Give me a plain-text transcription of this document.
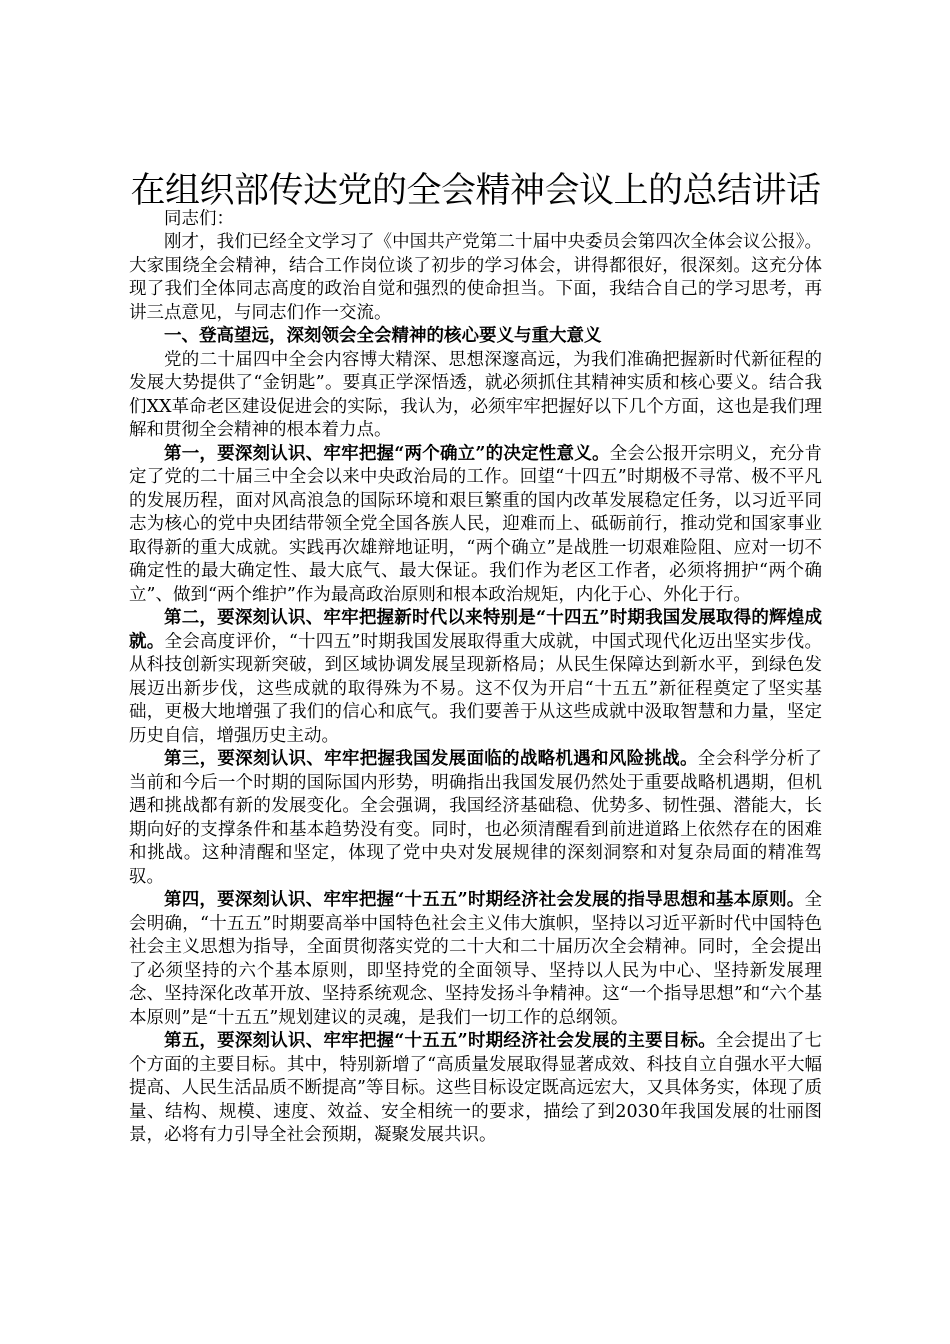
在组织部传达党的全会精神会议上的总结讲话

同志们：

刚才，我们已经全文学习了《中国共产党第二十届中央委员会第四次全体会议公报》。大家围绕全会精神，结合工作岗位谈了初步的学习体会，讲得都很好，很深刻。这充分体现了我们全体同志高度的政治自觉和强烈的使命担当。下面，我结合自己的学习思考，再讲三点意见，与同志们作一交流。

一、登高望远，深刻领会全会精神的核心要义与重大意义

党的二十届四中全会内容博大精深、思想深邃高远，为我们准确把握新时代新征程的发展大势提供了“金钥匙”。要真正学深悟透，就必须抓住其精神实质和核心要义。结合我们XX革命老区建设促进会的实际，我认为，必须牢牢把握好以下几个方面，这也是我们理解和贯彻全会精神的根本着力点。

第一，要深刻认识、牢牢把握“两个确立”的决定性意义。全会公报开宗明义，充分肯定了党的二十届三中全会以来中央政治局的工作。回望“十四五”时期极不寻常、极不平凡的发展历程，面对风高浪急的国际环境和艰巨繁重的国内改革发展稳定任务，以习近平同志为核心的党中央团结带领全党全国各族人民，迎难而上、砥砺前行，推动党和国家事业取得新的重大成就。实践再次雄辩地证明，“两个确立”是战胜一切艰难险阻、应对一切不确定性的最大确定性、最大底气、最大保证。我们作为老区工作者，必须将拥护“两个确立”、做到“两个维护”作为最高政治原则和根本政治规矩，内化于心、外化于行。

第二，要深刻认识、牢牢把握新时代以来特别是“十四五”时期我国发展取得的辉煌成就。全会高度评价，“十四五”时期我国发展取得重大成就，中国式现代化迈出坚实步伐。从科技创新实现新突破，到区域协调发展呈现新格局；从民生保障达到新水平，到绿色发展迈出新步伐，这些成就的取得殊为不易。这不仅为开启“十五五”新征程奠定了坚实基础，更极大地增强了我们的信心和底气。我们要善于从这些成就中汲取智慧和力量，坚定历史自信，增强历史主动。

第三，要深刻认识、牢牢把握我国发展面临的战略机遇和风险挑战。全会科学分析了当前和今后一个时期的国际国内形势，明确指出我国发展仍然处于重要战略机遇期，但机遇和挑战都有新的发展变化。全会强调，我国经济基础稳、优势多、韧性强、潜能大，长期向好的支撑条件和基本趋势没有变。同时，也必须清醒看到前进道路上依然存在的困难和挑战。这种清醒和坚定，体现了党中央对发展规律的深刻洞察和对复杂局面的精准驾驭。

第四，要深刻认识、牢牢把握“十五五”时期经济社会发展的指导思想和基本原则。全会明确，“十五五”时期要高举中国特色社会主义伟大旗帜，坚持以习近平新时代中国特色社会主义思想为指导，全面贯彻落实党的二十大和二十届历次全会精神。同时，全会提出了必须坚持的六个基本原则，即坚持党的全面领导、坚持以人民为中心、坚持新发展理念、坚持深化改革开放、坚持系统观念、坚持发扬斗争精神。这“一个指导思想”和“六个基本原则”是“十五五”规划建议的灵魂，是我们一切工作的总纲领。

第五，要深刻认识、牢牢把握“十五五”时期经济社会发展的主要目标。全会提出了七个方面的主要目标。其中，特别新增了“高质量发展取得显著成效、科技自立自强水平大幅提高、人民生活品质不断提高”等目标。这些目标设定既高远宏大，又具体务实，体现了质量、结构、规模、速度、效益、安全相统一的要求，描绘了到2030年我国发展的壮丽图景，必将有力引导全社会预期，凝聚发展共识。
